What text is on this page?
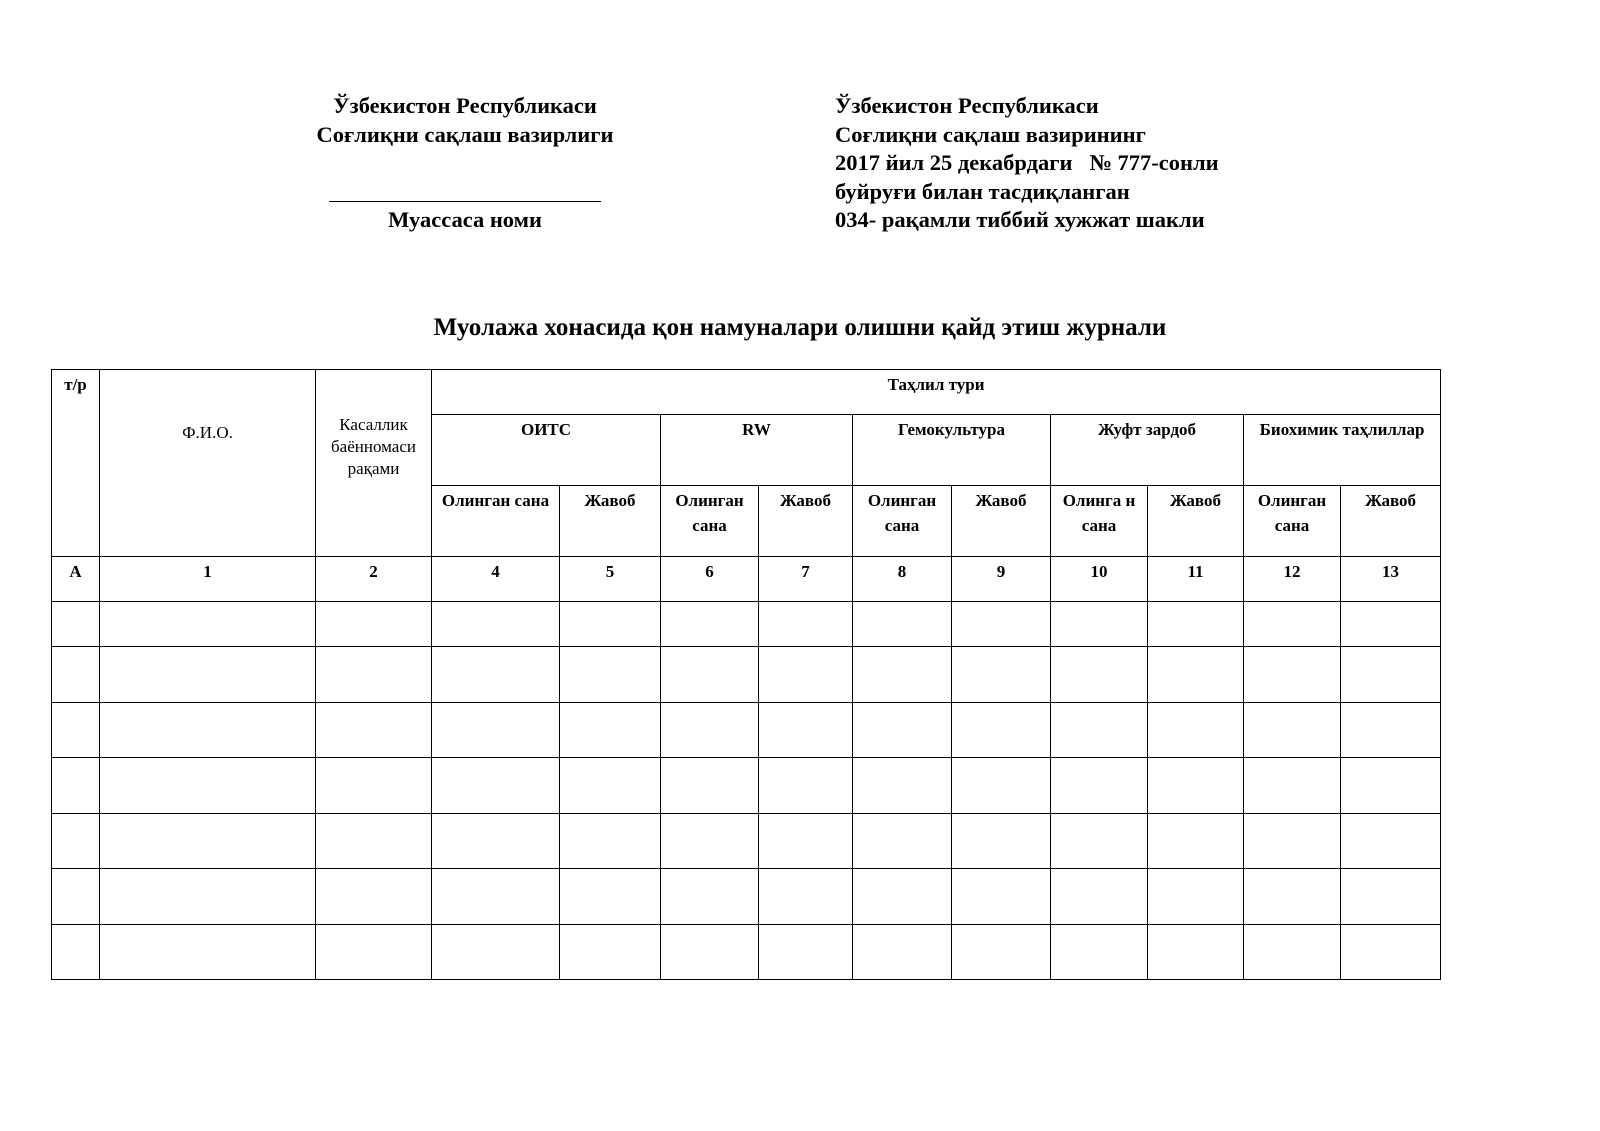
Ўзбекистон Республикаси
Соғлиқни сақлаш вазирлиги
Муассаса номи
Ўзбекистон Республикаси
Соғлиқни сақлаш вазирининг
2017 йил 25 декабрдаги   № 777-сонли
буйруғи билан тасдиқланган
034- рақамли тиббий хужжат шакли
Муолажа хонасида қон намуналари олишни қайд этиш журнали
т/р	Ф.И.О.	Касаллик баённомаси рақами	Таҳлил тури									
			ОИТС		RW		Гемокультура		Жуфт зардоб		Биохимик таҳлиллар	
			Олинган сана	Жавоб	Олинган сана	Жавоб	Олинган сана	Жавоб	Олинга н сана	Жавоб	Олинган сана	Жавоб
А	1	2	4	5	6	7	8	9	10	11	12	13
